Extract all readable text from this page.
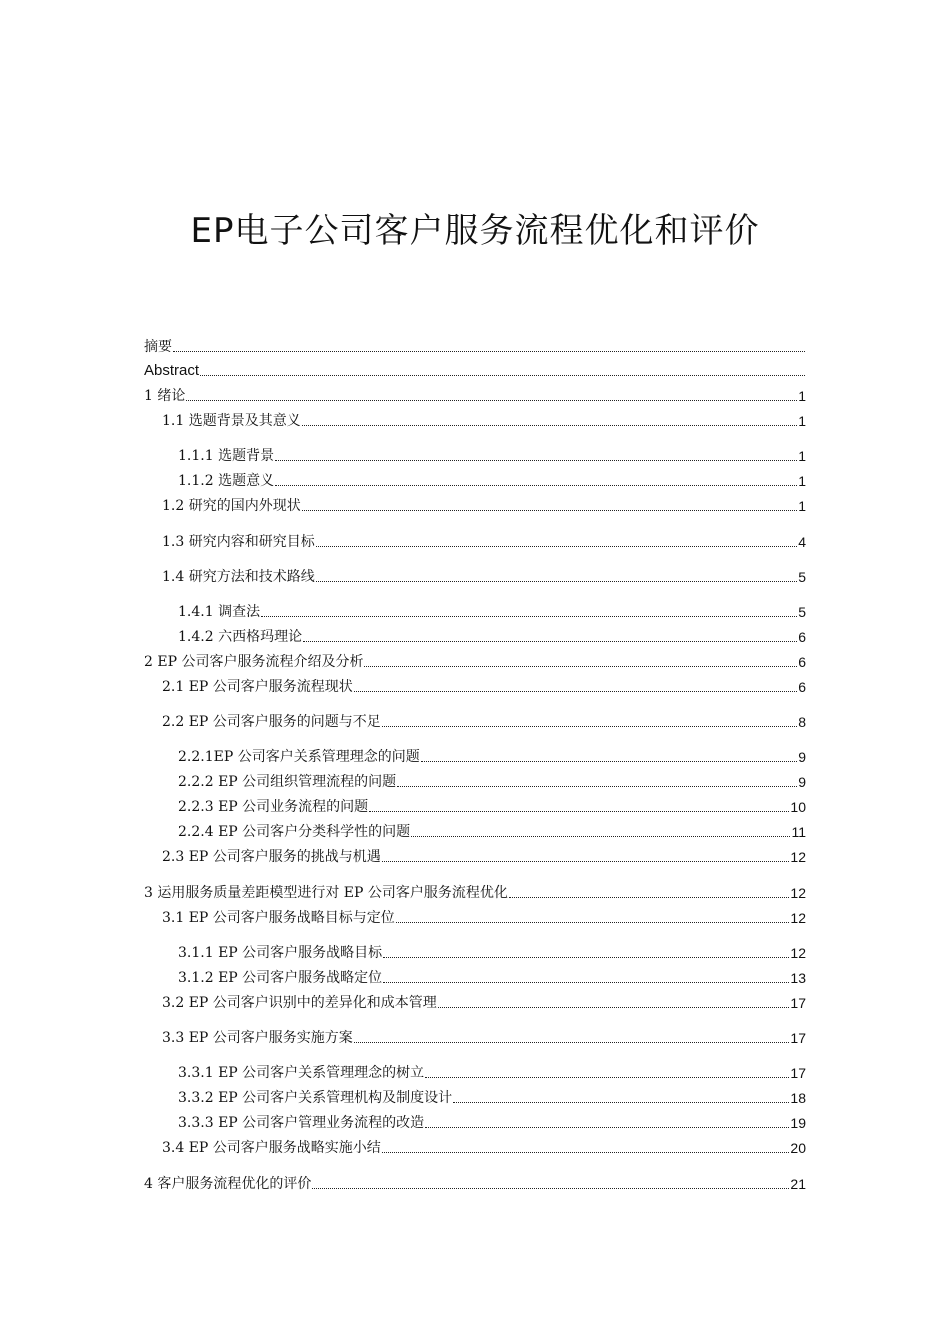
EP电子公司客户服务流程优化和评价
摘要
Abstract
1 绪论	1
1.1 选题背景及其意义	1
1.1.1 选题背景	1
1.1.2 选题意义	1
1.2 研究的国内外现状	1
1.3 研究内容和研究目标	4
1.4 研究方法和技术路线	5
1.4.1 调查法	5
1.4.2 六西格玛理论	6
2 EP 公司客户服务流程介绍及分析	6
2.1 EP 公司客户服务流程现状	6
2.2 EP 公司客户服务的问题与不足	8
2.2.1EP 公司客户关系管理理念的问题	9
2.2.2 EP 公司组织管理流程的问题	9
2.2.3 EP 公司业务流程的问题	10
2.2.4 EP 公司客户分类科学性的问题	11
2.3 EP 公司客户服务的挑战与机遇	12
3 运用服务质量差距模型进行对 EP 公司客户服务流程优化	12
3.1 EP 公司客户服务战略目标与定位	12
3.1.1 EP 公司客户服务战略目标	12
3.1.2 EP 公司客户服务战略定位	13
3.2 EP 公司客户识别中的差异化和成本管理	17
3.3 EP 公司客户服务实施方案	17
3.3.1 EP 公司客户关系管理理念的树立	17
3.3.2 EP 公司客户关系管理机构及制度设计	18
3.3.3 EP 公司客户管理业务流程的改造	19
3.4 EP 公司客户服务战略实施小结	20
4 客户服务流程优化的评价	21
